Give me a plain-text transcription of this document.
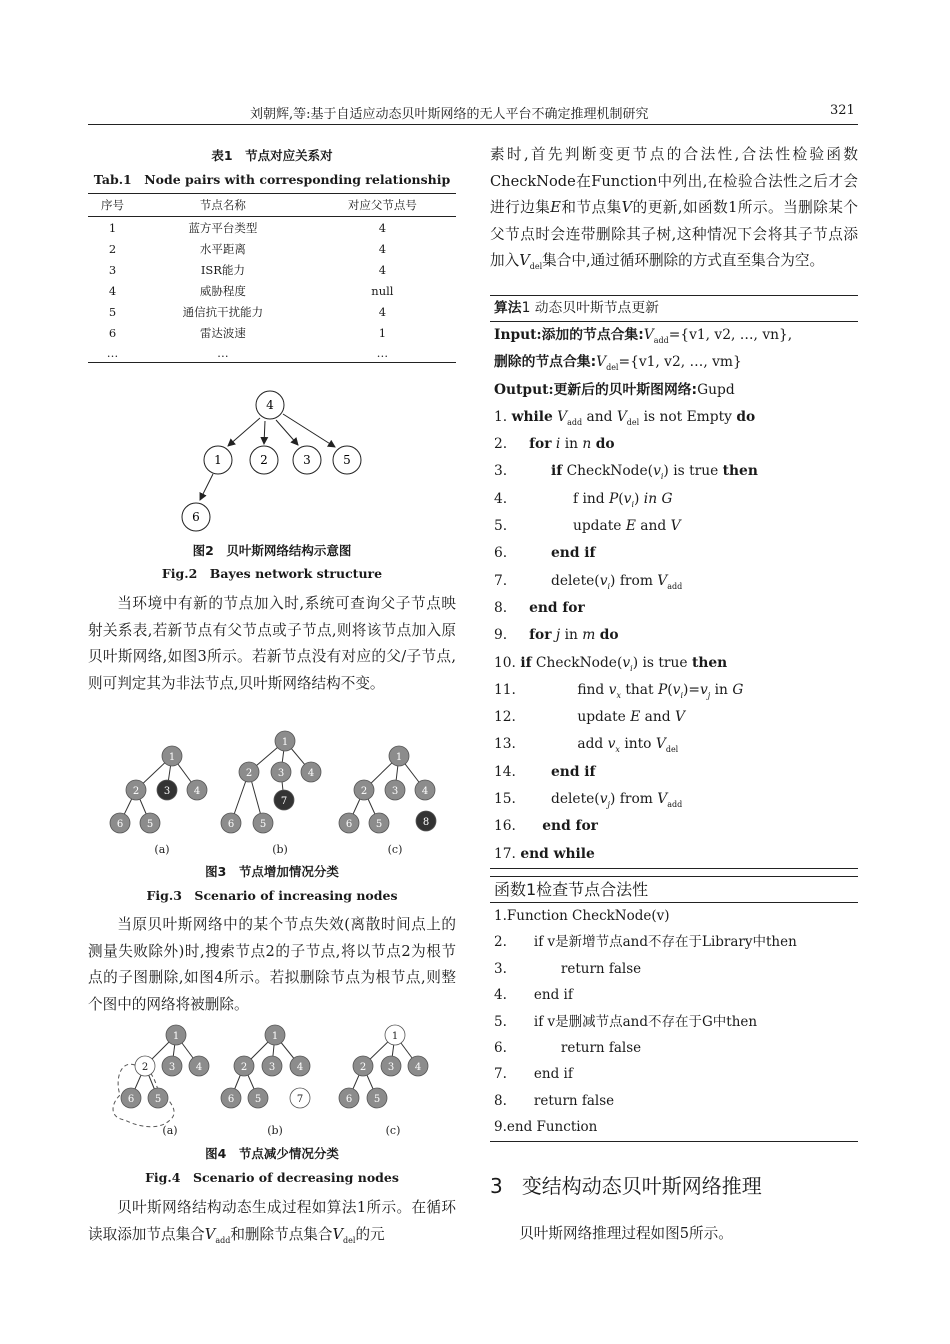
刘朝辉,等:基于自适应动态贝叶斯网络的无人平台不确定推理机制研究	321
表1　节点对应关系对
Tab.1　Node pairs with corresponding relationship
序号	节点名称	对应父节点号
1	蓝方平台类型	4
2	水平距离	4
3	ISR能力	4
4	威胁程度	null
5	通信抗干扰能力	4
6	雷达波速	1
…	…	…
4
1	2	3	5
6
图2　贝叶斯网络结构示意图
Fig.2　Bayes network structure

当环境中有新的节点加入时,系统可查询父子节点映射关系表,若新节点有父节点或子节点,则将该节点加入原贝叶斯网络,如图3所示。若新节点没有对应的父/子节点,则可判定其为非法节点,贝叶斯网络结构不变。

1
2 3 4
6 5
1
2	3 4
7
6	5
1
2 3 4
6 5	8
(a)	(b)	(c)
图3　节点增加情况分类
Fig.3　Scenario of increasing nodes

当原贝叶斯网络中的某个节点失效(离散时间点上的测量失败除外)时,搜索节点2的子节点,将以节点2为根节点的子图删除,如图4所示。若拟删除节点为根节点,则整个图中的网络将被删除。

1
2 3 4
6 5
1
2 3 4
6 5	7
1
2 3 4
6 5
(a)	(b)	(c)
图4　节点减少情况分类
Fig.4　Scenario of decreasing nodes

贝叶斯网络结构动态生成过程如算法1所示。在循环读取添加节点集合$V_{add}$和删除节点集合$V_{del}$的元

素时,首先判断变更节点的合法性,合法性检验函数CheckNode在Function中列出,在检验合法性之后才会进行边集E和节点集V的更新,如函数1所示。当删除某个父节点时会连带删除其子树,这种情况下会将其子节点添加入$V_{del}$集合中,通过循环删除的方式直至集合为空。

算法1 动态贝叶斯节点更新
Input:添加的节点合集$:V_{add}=\{v1$, v2, …, vn},
删除的节点合集$:V_{del}=\{v1$, v2, …, vm}
Output:更新后的贝叶斯图网络:Gupd
1. while $V_{add}$ and $V_{del}$ is not Empty do
2.     for i in n do
3.          if $CheckNode(v_i)$ is true then
4.               f ind $P(v_i)$ in G
5.               update E and V
6.          end if
7.          $delete(v_i)$ from $V_{add}$
8.     end for
9.     for j in m do
10. if $CheckNode(v_i)$ is true then
11.              find $v_x$ that $P(v_i)=v_j$ in G
12.              update E and V
13.              add $v_x$ into $V_{del}$
14.        end if
15.        $delete(v_j)$ from $V_{add}$
16.      end for
17. end while
函数1检查节点合法性
1.Function CheckNode(v)
2.　　if v是新增节点and不存在于Library中then
3.　　　　return false
4.　　end if
5.　　if v是删减节点and不存在于G中then
6.　　　　return false
7.　　end if
8.　　return false
9.end Function
3 变结构动态贝叶斯网络推理

贝叶斯网络推理过程如图5所示。
